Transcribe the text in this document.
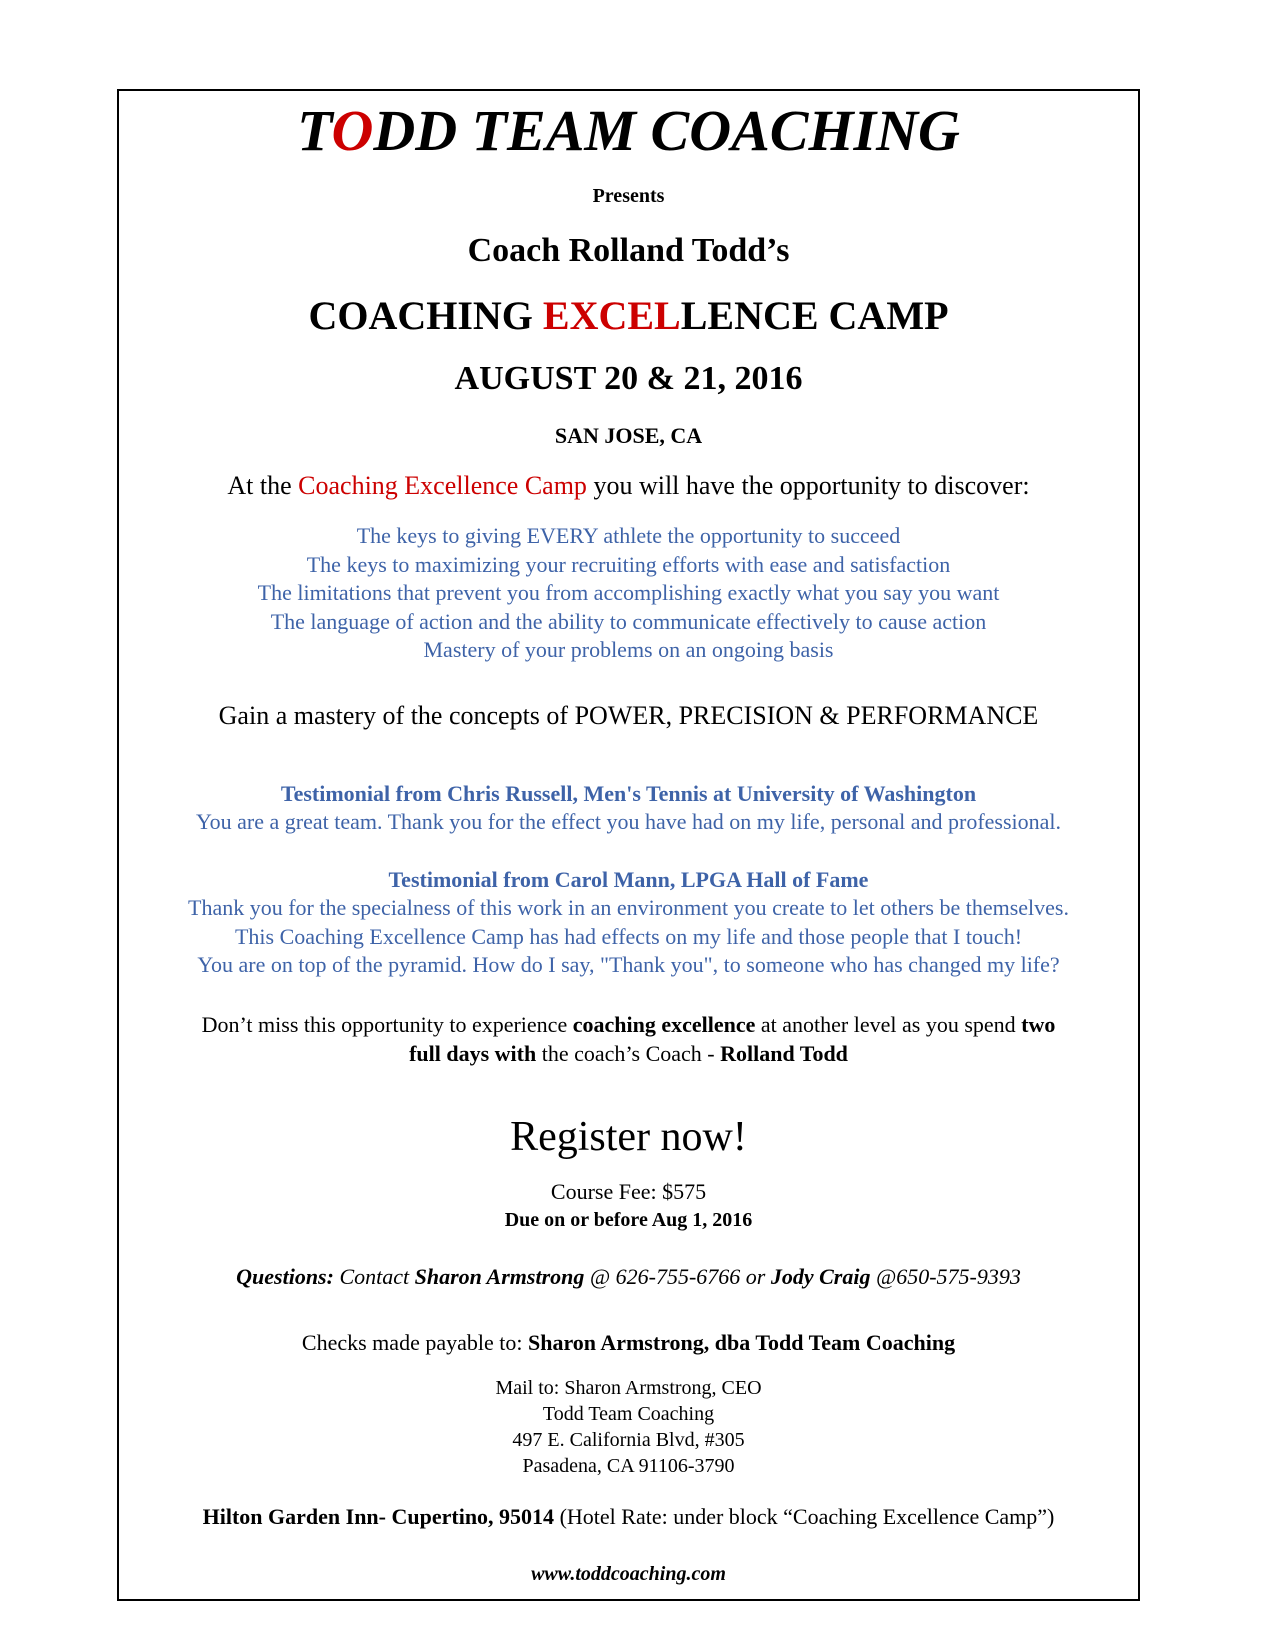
TODD TEAM COACHING
Presents
Coach Rolland Todd’s
COACHING EXCELLENCE CAMP
AUGUST 20 & 21, 2016
SAN JOSE, CA
At the Coaching Excellence Camp you will have the opportunity to discover:
The keys to giving EVERY athlete the opportunity to succeed
The keys to maximizing your recruiting efforts with ease and satisfaction
The limitations that prevent you from accomplishing exactly what you say you want
The language of action and the ability to communicate effectively to cause action
Mastery of your problems on an ongoing basis
Gain a mastery of the concepts of POWER, PRECISION & PERFORMANCE
Testimonial from Chris Russell, Men's Tennis at University of Washington
You are a great team. Thank you for the effect you have had on my life, personal and professional.
Testimonial from Carol Mann, LPGA Hall of Fame
Thank you for the specialness of this work in an environment you create to let others be themselves.
This Coaching Excellence Camp has had effects on my life and those people that I touch!
You are on top of the pyramid. How do I say, "Thank you", to someone who has changed my life?
Don’t miss this opportunity to experience coaching excellence at another level as you spend two
full days with the coach’s Coach - Rolland Todd
Register now!
Course Fee: $575
Due on or before Aug 1, 2016
Questions: Contact Sharon Armstrong @ 626-755-6766 or Jody Craig @650-575-9393
Checks made payable to: Sharon Armstrong, dba Todd Team Coaching
Mail to: Sharon Armstrong, CEO
Todd Team Coaching
497 E. California Blvd, #305
Pasadena, CA 91106-3790
Hilton Garden Inn- Cupertino, 95014 (Hotel Rate: under block “Coaching Excellence Camp”)
www.toddcoaching.com
